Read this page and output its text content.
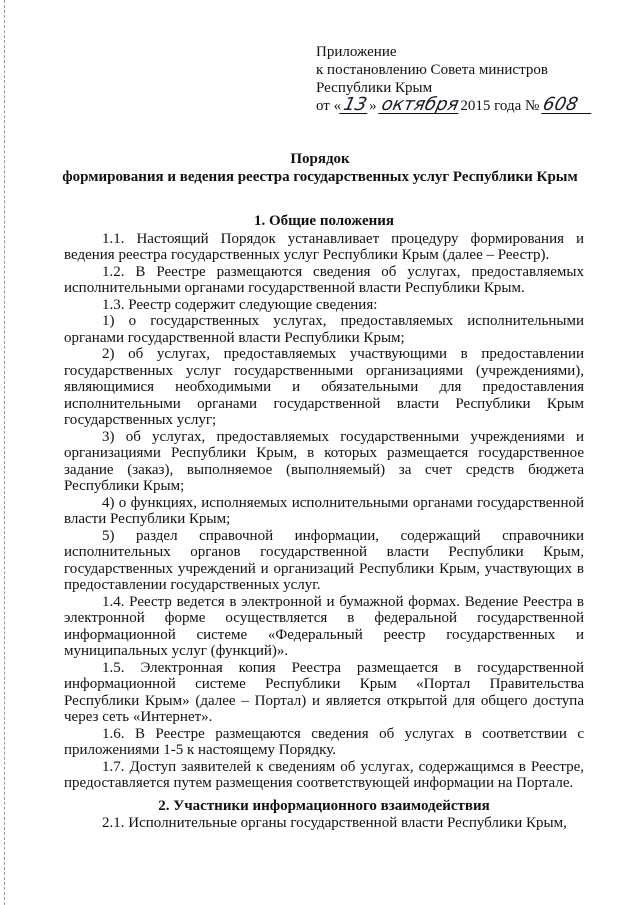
Приложение
к постановлению Совета министров
Республики Крым
от «13» октября2015 года № 608
Порядок
формирования и ведения реестра государственных услуг Республики Крым

1. Общие положения

1.1. Настоящий Порядок устанавливает процедуру формирования и ведения реестра государственных услуг Республики Крым (далее – Реестр).

1.2. В Реестре размещаются сведения об услугах, предоставляемых исполнительными органами государственной власти Республики Крым.

1.3. Реестр содержит следующие сведения:

1) о государственных услугах, предоставляемых исполнительными органами государственной власти Республики Крым;

2) об услугах, предоставляемых участвующими в предоставлении государственных услуг государственными организациями (учреждениями), являющимися необходимыми и обязательными для предоставления исполнительными органами государственной власти Республики Крым государственных услуг;

3) об услугах, предоставляемых государственными учреждениями и организациями Республики Крым, в которых размещается государственное задание (заказ), выполняемое (выполняемый) за счет средств бюджета Республики Крым;

4) о функциях, исполняемых исполнительными органами государственной власти Республики Крым;

5) раздел справочной информации, содержащий справочники исполнительных органов государственной власти Республики Крым, государственных учреждений и организаций Республики Крым, участвующих в предоставлении государственных услуг.

1.4. Реестр ведется в электронной и бумажной формах. Ведение Реестра в электронной форме осуществляется в федеральной государственной информационной системе «Федеральный реестр государственных и муниципальных услуг (функций)».

1.5. Электронная копия Реестра размещается в государственной информационной системе Республики Крым «Портал Правительства Республики Крым» (далее – Портал) и является открытой для общего доступа через сеть «Интернет».

1.6. В Реестре размещаются сведения об услугах в соответствии с приложениями 1-5 к настоящему Порядку.

1.7. Доступ заявителей к сведениям об услугах, содержащимся в Реестре, предоставляется путем размещения соответствующей информации на Портале.

2. Участники информационного взаимодействия

2.1. Исполнительные органы государственной власти Республики Крым,
